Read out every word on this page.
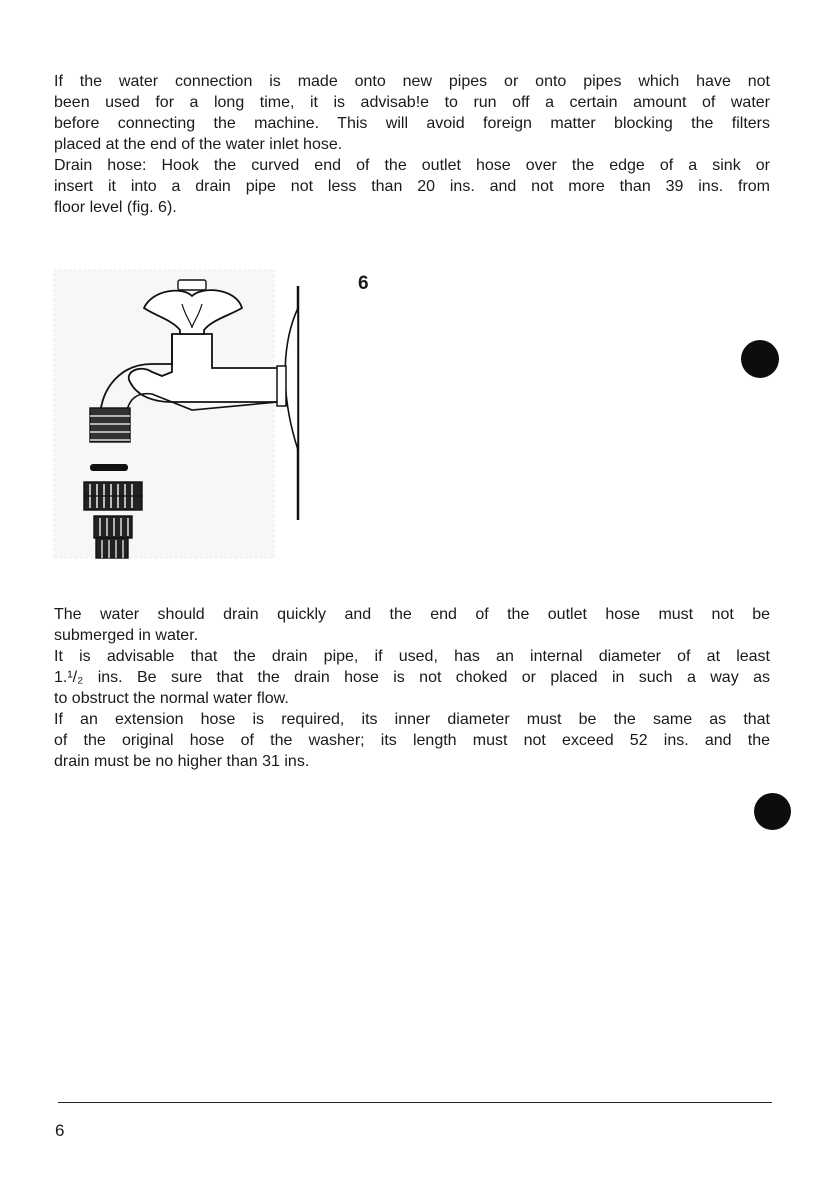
If the water connection is made onto new pipes or onto pipes which have not
been used for a long time, it is advisab!e to run off a certain amount of water
before connecting the machine. This will avoid foreign matter blocking the filters
placed at the end of the water inlet hose.
Drain hose: Hook the curved end of the outlet hose over the edge of a sink or
insert it into a drain pipe not less than 20 ins. and not more than 39 ins. from
floor level (fig. 6).
6
The water should drain quickly and the end of the outlet hose must not be
submerged in water.
It is advisable that the drain pipe, if used, has an internal diameter of at least
1.¹/₂ ins. Be sure that the drain hose is not choked or placed in such a way as
to obstruct the normal water flow.
If an extension hose is required, its inner diameter must be the same as that
of the original hose of the washer; its length must not exceed 52 ins. and the
drain must be no higher than 31 ins.
6
